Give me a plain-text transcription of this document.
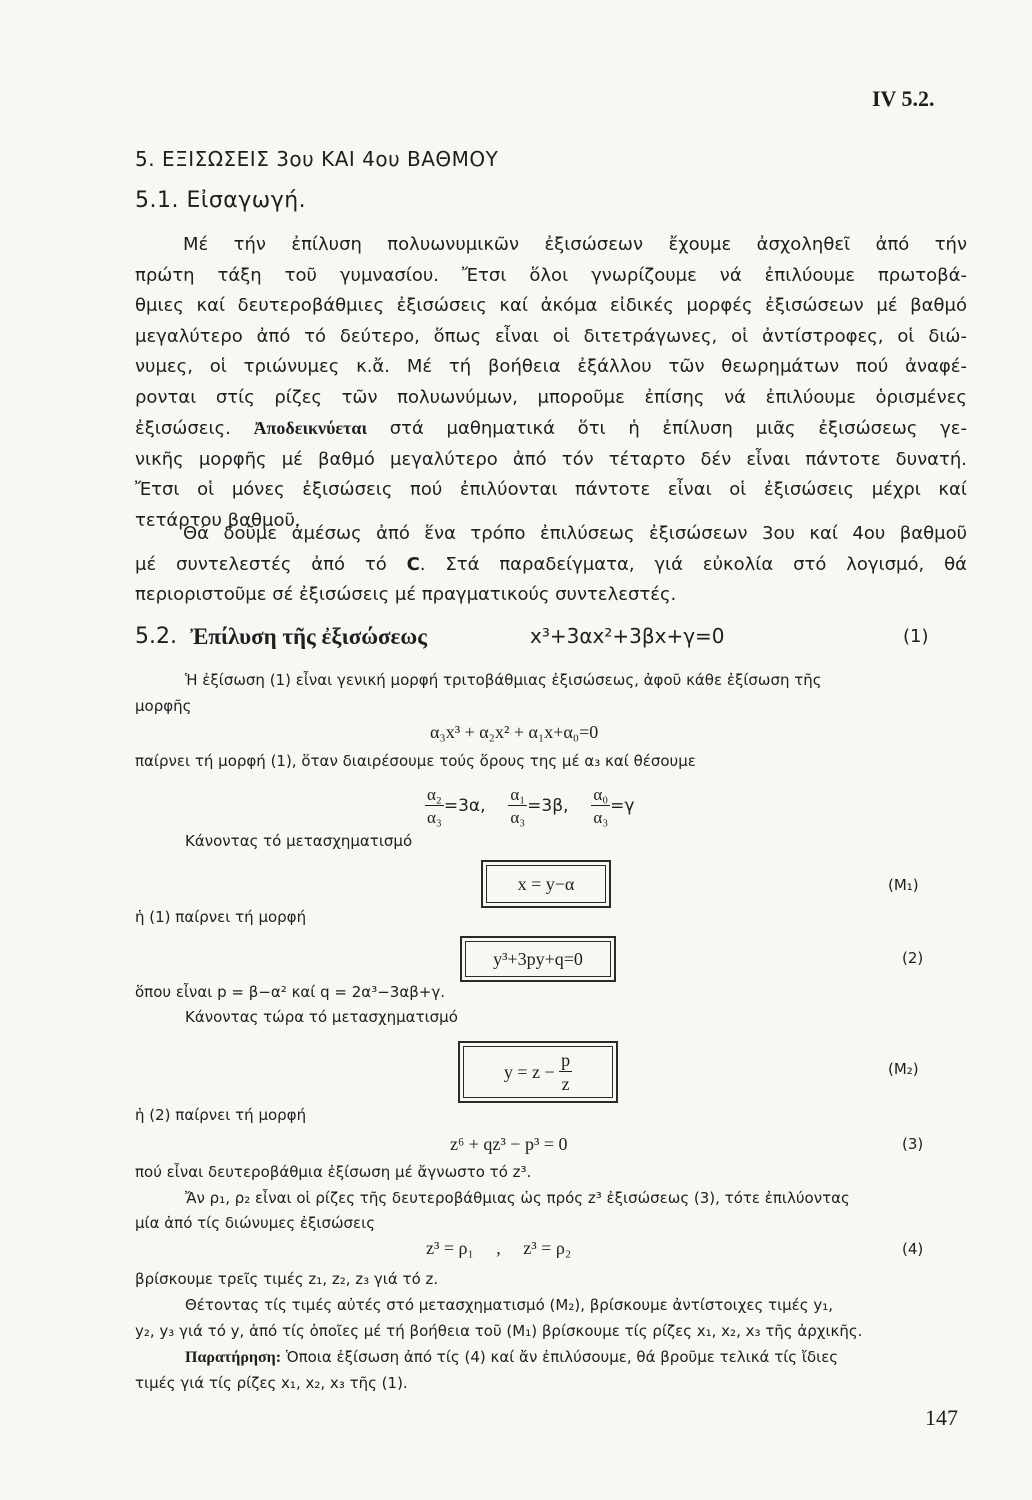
IV 5.2.
5. ΕΞΙΣΩΣΕΙΣ 3ου ΚΑΙ 4ου ΒΑΘΜΟΥ
5.1. Εἰσαγωγή.
Μέ τήν ἐπίλυση πολυωνυμικῶν ἐξισώσεων ἔχουμε ἀσχοληθεῖ ἀπό τήν
πρώτη τάξη τοῦ γυμνασίου. Ἔτσι ὅλοι γνωρίζουμε νά ἐπιλύουμε πρωτοβά-
θμιες καί δευτεροβάθμιες ἐξισώσεις καί ἀκόμα εἰδικές μορφές ἐξισώσεων μέ βαθμό
μεγαλύτερο ἀπό τό δεύτερο, ὅπως εἶναι οἱ διτετράγωνες, οἱ ἀντίστροφες, οἱ διώ-
νυμες, οἱ τριώνυμες κ.ἄ. Μέ τή βοήθεια ἐξάλλου τῶν θεωρημάτων πού ἀναφέ-
ρονται στίς ρίζες τῶν πολυωνύμων, μποροῦμε ἐπίσης νά ἐπιλύουμε ὁρισμένες
ἐξισώσεις. Ἀποδεικνύεται στά μαθηματικά ὅτι ἡ ἐπίλυση μιᾶς ἐξισώσεως γε-
νικῆς μορφῆς μέ βαθμό μεγαλύτερο ἀπό τόν τέταρτο δέν εἶναι πάντοτε δυνατή.
Ἔτσι οἱ μόνες ἐξισώσεις πού ἐπιλύονται πάντοτε εἶναι οἱ ἐξισώσεις μέχρι καί
τετάρτου βαθμοῦ.
Θά δοῦμε ἀμέσως ἀπό ἕνα τρόπο ἐπιλύσεως ἐξισώσεων 3ου καί 4ου βαθμοῦ
μέ συντελεστές ἀπό τό C. Στά παραδείγματα, γιά εὐκολία στό λογισμό, θά
περιοριστοῦμε σέ ἐξισώσεις μέ πραγματικούς συντελεστές.
5.2. Ἐπίλυση τῆς ἐξισώσεως	x³+3αx²+3βx+γ=0	(1)
Ἡ ἐξίσωση (1) εἶναι γενική μορφή τριτοβάθμιας ἐξισώσεως, ἀφοῦ κάθε ἐξίσωση τῆς
μορφῆς
α₃x³ + α₂x² + α₁x+α₀=0
παίρνει τή μορφή (1), ὅταν διαιρέσουμε τούς ὅρους της μέ α₃ καί θέσουμε
$\frac{\text{α₂}}{\text{α₃}} =3\alpha$, $\frac{\text{α₁}}{\text{α₃}} =3\beta$, $\frac{\text{α₀}}{\text{α₃}} =\gamma$
Κάνοντας τό μετασχηματισμό
x = y−α	(M₁)
ἡ (1) παίρνει τή μορφή
y³+3py+q=0	(2)
ὅπου εἶναι p = β−α² καί q = 2α³−3αβ+γ.
Κάνοντας τώρα τό μετασχηματισμό
y = z −
$\frac{p}{z}$	(M₂)
ἡ (2) παίρνει τή μορφή
z⁶ + qz³ − p³ = 0	(3)
πού εἶναι δευτεροβάθμια ἐξίσωση μέ ἄγνωστο τό z³.
Ἄν ρ₁, ρ₂ εἶναι οἱ ρίζες τῆς δευτεροβάθμιας ὡς πρός z³ ἐξισώσεως (3), τότε ἐπιλύοντας
μία ἀπό τίς διώνυμες ἐξισώσεις
z³ = ρ₁     ,     z³ = ρ₂	(4)
βρίσκουμε τρεῖς τιμές z₁, z₂, z₃ γιά τό z.
Θέτοντας τίς τιμές αὐτές στό μετασχηματισμό (M₂), βρίσκουμε ἀντίστοιχες τιμές y₁,
y₂, y₃ γιά τό y, ἀπό τίς ὁποῖες μέ τή βοήθεια τοῦ (M₁) βρίσκουμε τίς ρίζες x₁, x₂, x₃ τῆς ἀρχικῆς.
Παρατήρηση: Ὁποια ἐξίσωση ἀπό τίς (4) καί ἄν ἐπιλύσουμε, θά βροῦμε τελικά τίς ἴδιες
τιμές γιά τίς ρίζες x₁, x₂, x₃ τῆς (1).
147
